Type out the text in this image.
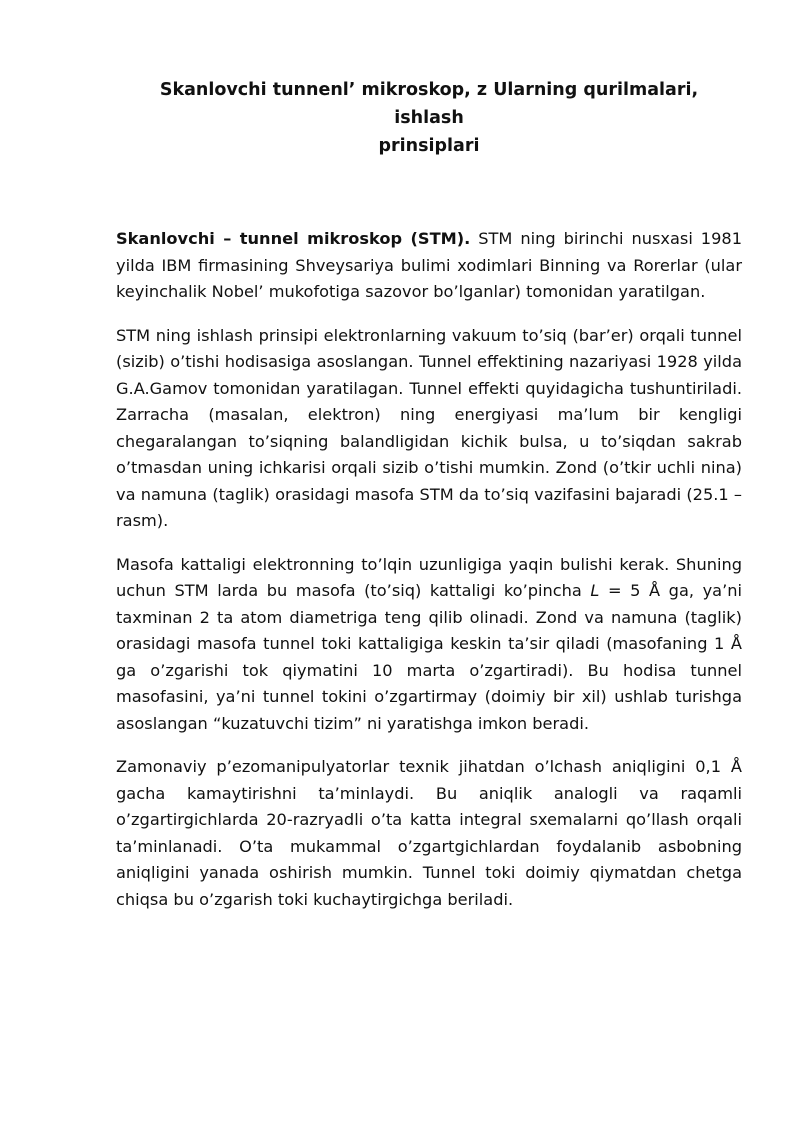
Skanlovchi tunnenl’ mikroskop, z Ularning qurilmalari, ishlash
prinsiplari

Skanlovchi – tunnel mikroskop (STM). STM ning birinchi nusxasi 1981 yilda IBM firmasining Shveysariya bulimi xodimlari Binning va Rorerlar (ular keyinchalik Nobel’ mukofotiga sazovor bo’lganlar) tomonidan yaratilgan.

STM ning ishlash prinsipi elektronlarning vakuum to’siq (bar’er) orqali tunnel (sizib) o’tishi hodisasiga asoslangan. Tunnel effektining nazariyasi 1928 yilda G.A.Gamov tomonidan yaratilagan. Tunnel effekti quyidagicha tushuntiriladi. Zarracha (masalan, elektron) ning energiyasi ma’lum bir kengligi chegaralangan to’siqning balandligidan kichik bulsa, u to’siqdan sakrab o’tmasdan uning ichkarisi orqali sizib o’tishi mumkin. Zond (o’tkir uchli nina) va namuna (taglik) orasidagi masofa STM da to’siq vazifasini bajaradi (25.1 – rasm).

Masofa kattaligi elektronning to’lqin uzunligiga yaqin bulishi kerak. Shuning uchun STM larda bu masofa (to’siq) kattaligi ko’pincha L = 5 Å ga, ya’ni taxminan 2 ta atom diametriga teng qilib olinadi. Zond va namuna (taglik) orasidagi masofa tunnel toki kattaligiga keskin ta’sir qiladi (masofaning 1 Å ga o’zgarishi tok qiymatini 10 marta o’zgartiradi). Bu hodisa tunnel masofasini, ya’ni tunnel tokini o’zgartirmay (doimiy bir xil) ushlab turishga asoslangan “kuzatuvchi tizim” ni yaratishga imkon beradi.

Zamonaviy p’ezomanipulyatorlar texnik jihatdan o’lchash aniqligini 0,1 Å gacha kamaytirishni ta’minlaydi. Bu aniqlik analogli va raqamli o’zgartirgichlarda 20-razryadli o’ta katta integral sxemalarni qo’llash orqali ta’minlanadi. O’ta mukammal o’zgartgichlardan foydalanib asbobning aniqligini yanada oshirish mumkin. Tunnel toki doimiy qiymatdan chetga chiqsa bu o’zgarish toki kuchaytirgichga beriladi.
